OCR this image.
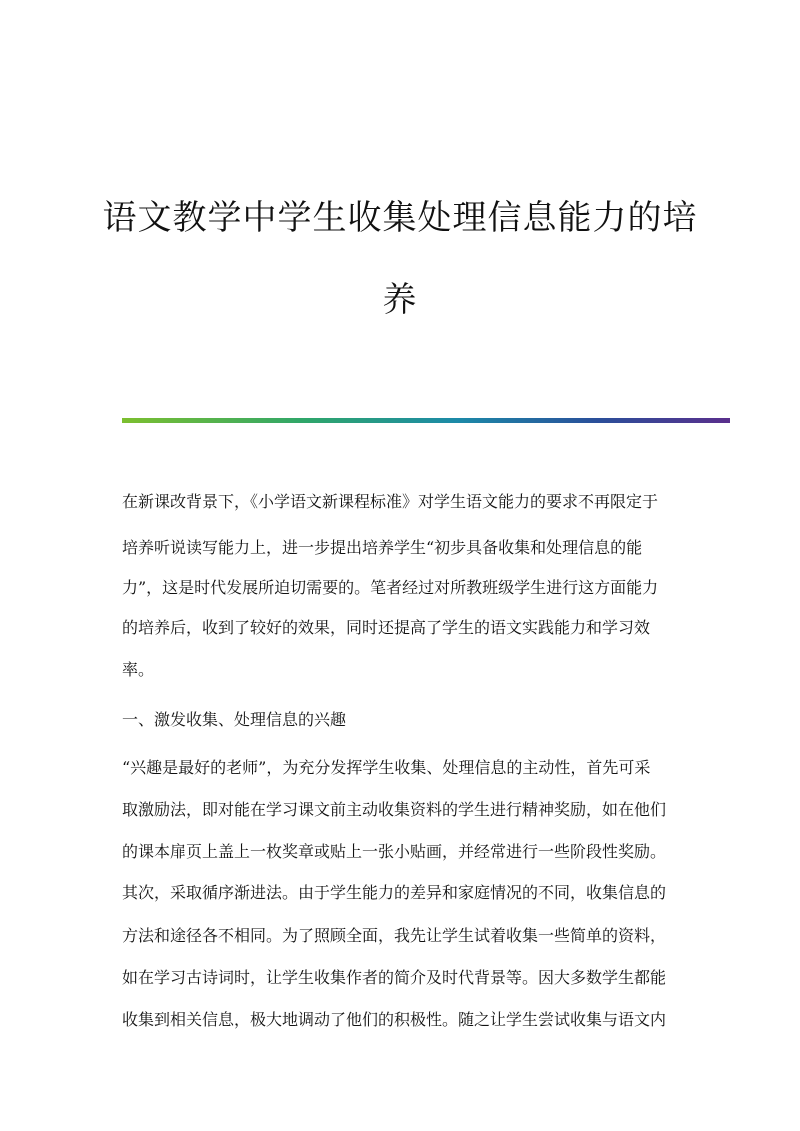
语文教学中学生收集处理信息能力的培
养

在新课改背景下，《小学语文新课程标准》对学生语文能力的要求不再限定于

培养听说读写能力上，进一步提出培养学生“初步具备收集和处理信息的能

力”，这是时代发展所迫切需要的。笔者经过对所教班级学生进行这方面能力

的培养后，收到了较好的效果，同时还提高了学生的语文实践能力和学习效

率。

一、激发收集、处理信息的兴趣

“兴趣是最好的老师”，为充分发挥学生收集、处理信息的主动性，首先可采

取激励法，即对能在学习课文前主动收集资料的学生进行精神奖励，如在他们

的课本扉页上盖上一枚奖章或贴上一张小贴画，并经常进行一些阶段性奖励。

其次，采取循序渐进法。由于学生能力的差异和家庭情况的不同，收集信息的

方法和途径各不相同。为了照顾全面，我先让学生试着收集一些简单的资料，

如在学习古诗词时，让学生收集作者的简介及时代背景等。因大多数学生都能

收集到相关信息，极大地调动了他们的积极性。随之让学生尝试收集与语文内
